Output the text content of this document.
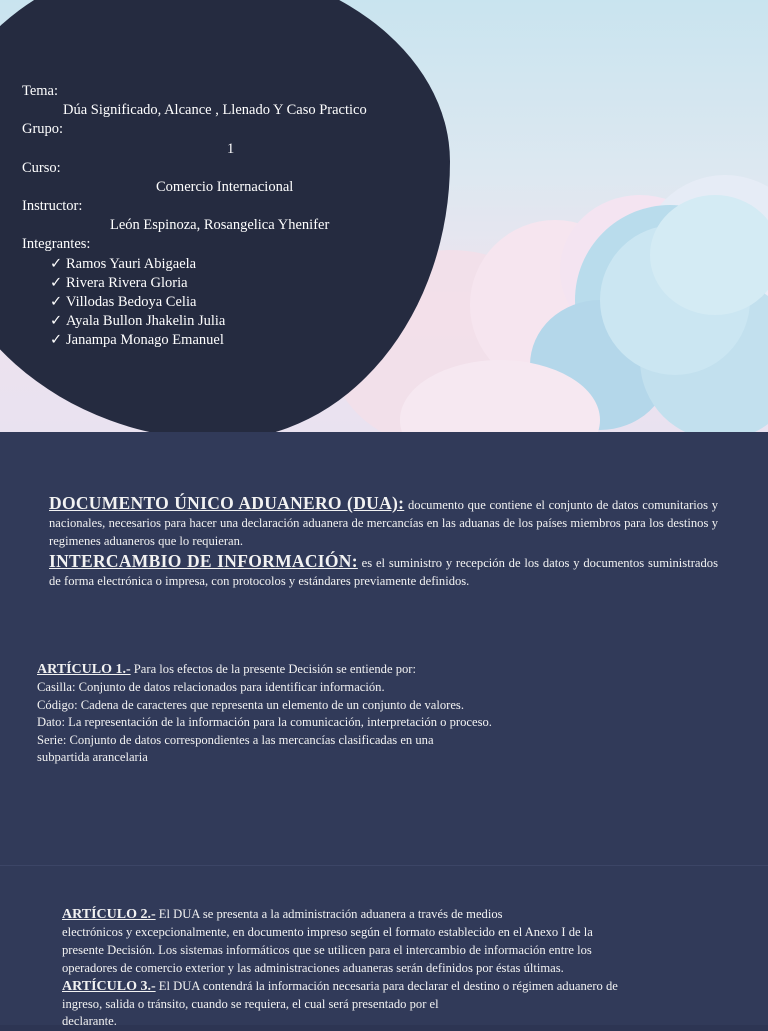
Tema:
Dúa Significado, Alcance , Llenado Y Caso Practico
Grupo:
1
Curso:
Comercio Internacional
Instructor:
León Espinoza, Rosangelica Yhenifer
Integrantes:
✓ Ramos Yauri Abigaela
✓ Rivera Rivera Gloria
✓ Villodas Bedoya Celia
✓ Ayala Bullon Jhakelin Julia
✓ Janampa Monago Emanuel
DOCUMENTO ÚNICO ADUANERO (DUA): documento que contiene el conjunto de datos comunitarios y nacionales, necesarios para hacer una declaración aduanera de mercancías en las aduanas de los países miembros para los destinos y regimenes aduaneros que lo requieran.
INTERCAMBIO DE INFORMACIÓN: es el suministro y recepción de los datos y documentos suministrados de forma electrónica o impresa, con protocolos y estándares previamente definidos.
ARTÍCULO 1.- Para los efectos de la presente Decisión se entiende por:
Casilla: Conjunto de datos relacionados para identificar información.
Código: Cadena de caracteres que representa un elemento de un conjunto de valores.
Dato: La representación de la información para la comunicación, interpretación o proceso.
Serie: Conjunto de datos correspondientes a las mercancías clasificadas en una
subpartida arancelaria
ARTÍCULO 2.- El DUA se presenta a la administración aduanera a través de medios
electrónicos y excepcionalmente, en documento impreso según el formato establecido en el Anexo I de la
presente Decisión. Los sistemas informáticos que se utilicen para el intercambio de información entre los
operadores de comercio exterior y las administraciones aduaneras serán definidos por éstas últimas.
ARTÍCULO 3.- El DUA contendrá la información necesaria para declarar el destino o régimen aduanero de
ingreso, salida o tránsito, cuando se requiera, el cual será presentado por el
declarante.
